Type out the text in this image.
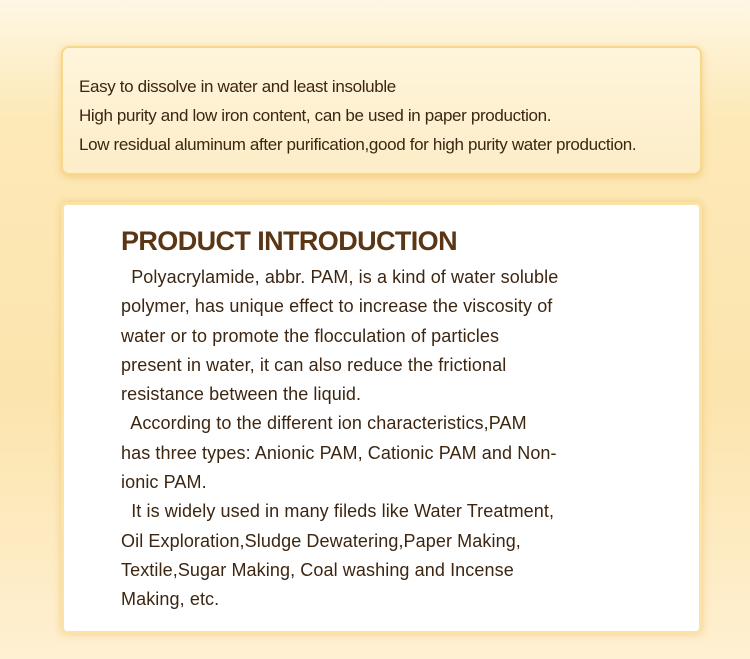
Easy to dissolve in water and least insoluble
High purity and low iron content, can be used in paper production.
Low residual aluminum after purification,good for high purity water production.
PRODUCT INTRODUCTION
Polyacrylamide, abbr. PAM, is a kind of water soluble
polymer, has unique effect to increase the viscosity of
water or to promote the flocculation of particles
present in water, it can also reduce the frictional
resistance between the liquid.
According to the different ion characteristics,PAM
has three types: Anionic PAM, Cationic PAM and Non-
ionic PAM.
It is widely used in many fileds like Water Treatment,
Oil Exploration,Sludge Dewatering,Paper Making,
Textile,Sugar Making, Coal washing and Incense
Making, etc.
